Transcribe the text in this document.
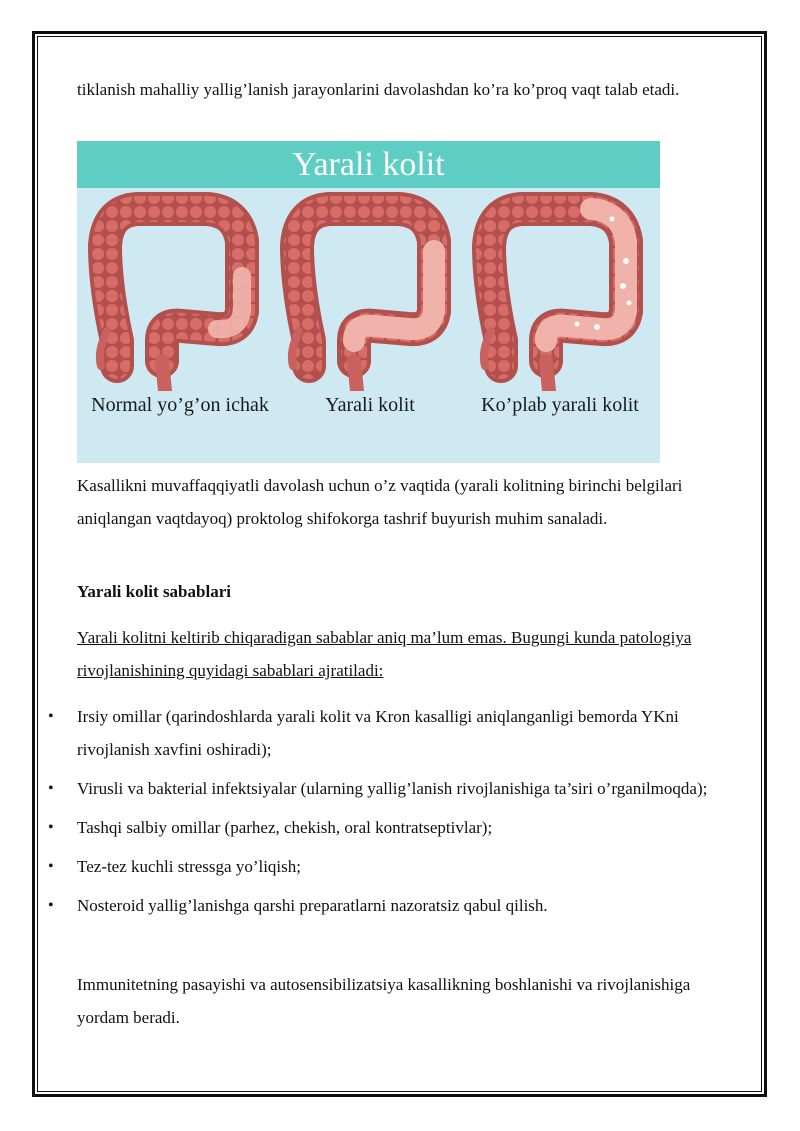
tiklanish mahalliy yallig’lanish jarayonlarini davolashdan ko’ra ko’proq vaqt talab etadi.

Yarali kolit
Normal yo’g’on ichak	Yarali kolit	Ko’plab yarali kolit

Kasallikni muvaffaqqiyatli davolash uchun o’z vaqtida (yarali kolitning birinchi belgilari aniqlangan vaqtdayoq) proktolog shifokorga tashrif buyurish muhim sanaladi.

Yarali kolit sabablari

Yarali kolitni keltirib chiqaradigan sabablar aniq ma’lum emas. Bugungi kunda patologiya rivojlanishining quyidagi sabablari ajratiladi:

• Irsiy omillar (qarindoshlarda yarali kolit va Kron kasalligi aniqlanganligi bemorda YKni rivojlanish xavfini oshiradi);
• Virusli va bakterial infektsiyalar (ularning yallig’lanish rivojlanishiga ta’siri o’rganilmoqda);
• Tashqi salbiy omillar (parhez, chekish, oral kontratseptivlar);
• Tez-tez kuchli stressga yo’liqish;
• Nosteroid yallig’lanishga qarshi preparatlarni nazoratsiz qabul qilish.

Immunitetning pasayishi va autosensibilizatsiya kasallikning boshlanishi va rivojlanishiga yordam beradi.
